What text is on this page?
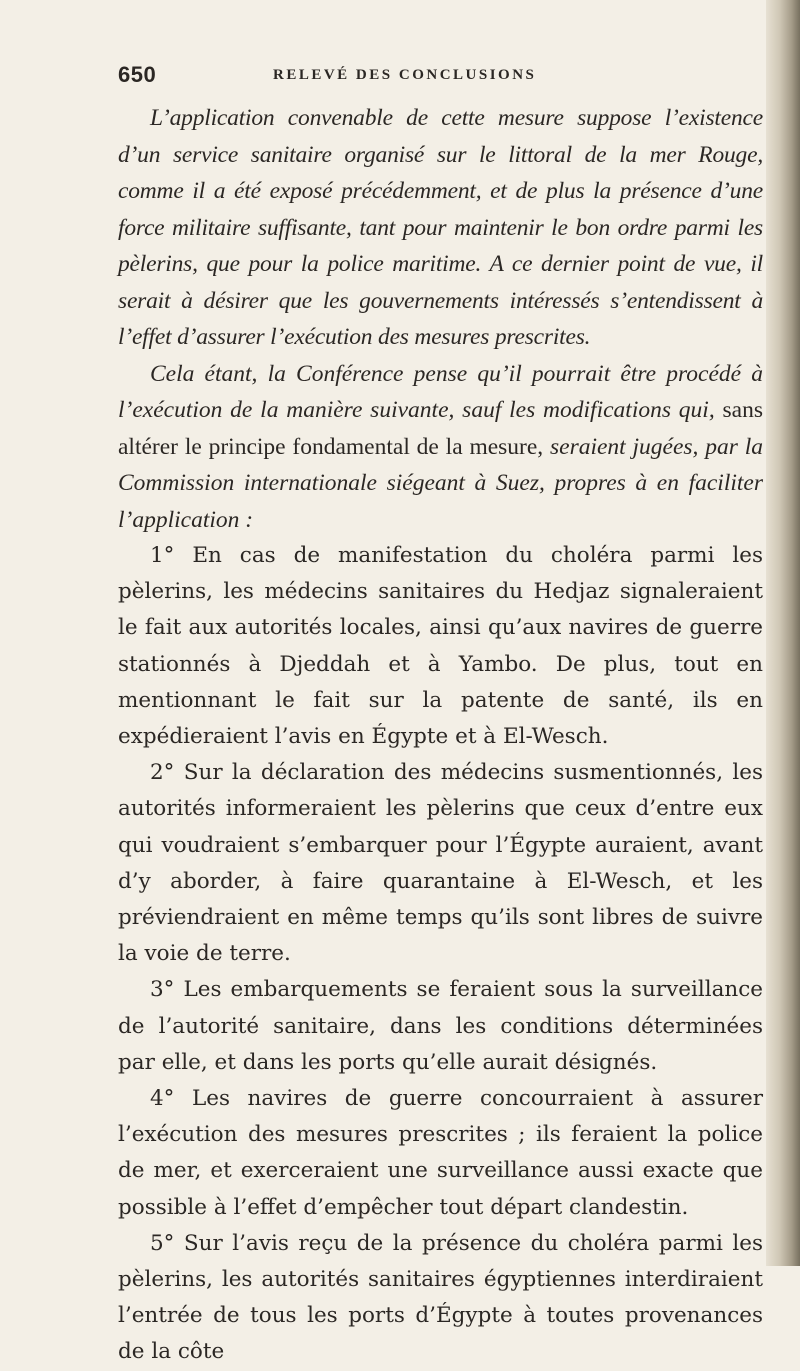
650	RELEVÉ DES CONCLUSIONS

L’application convenable de cette mesure suppose l’existence d’un service sanitaire organisé sur le littoral de la mer Rouge, comme il a été exposé précédemment, et de plus la présence d’une force militaire suffisante, tant pour maintenir le bon ordre parmi les pèlerins, que pour la police maritime. A ce dernier point de vue, il serait à désirer que les gouvernements intéressés s’entendissent à l’effet d’assurer l’exécution des mesures prescrites.

Cela étant, la Conférence pense qu’il pourrait être procédé à l’exécution de la manière suivante, sauf les modifications qui, sans altérer le principe fondamental de la mesure, seraient jugées, par la Commission internationale siégeant à Suez, propres à en faciliter l’application :

1° En cas de manifestation du choléra parmi les pèlerins, les médecins sanitaires du Hedjaz signaleraient le fait aux autorités locales, ainsi qu’aux navires de guerre stationnés à Djeddah et à Yambo. De plus, tout en mentionnant le fait sur la patente de santé, ils en expédieraient l’avis en Égypte et à El-Wesch.

2° Sur la déclaration des médecins susmentionnés, les autorités informeraient les pèlerins que ceux d’entre eux qui voudraient s’embarquer pour l’Égypte auraient, avant d’y aborder, à faire quarantaine à El-Wesch, et les préviendraient en même temps qu’ils sont libres de suivre la voie de terre.

3° Les embarquements se feraient sous la surveillance de l’autorité sanitaire, dans les conditions déterminées par elle, et dans les ports qu’elle aurait désignés.

4° Les navires de guerre concourraient à assurer l’exécution des mesures prescrites ; ils feraient la police de mer, et exerceraient une surveillance aussi exacte que possible à l’effet d’empêcher tout départ clandestin.

5° Sur l’avis reçu de la présence du choléra parmi les pèlerins, les autorités sanitaires égyptiennes interdiraient l’entrée de tous les ports d’Égypte à toutes provenances de la côte
